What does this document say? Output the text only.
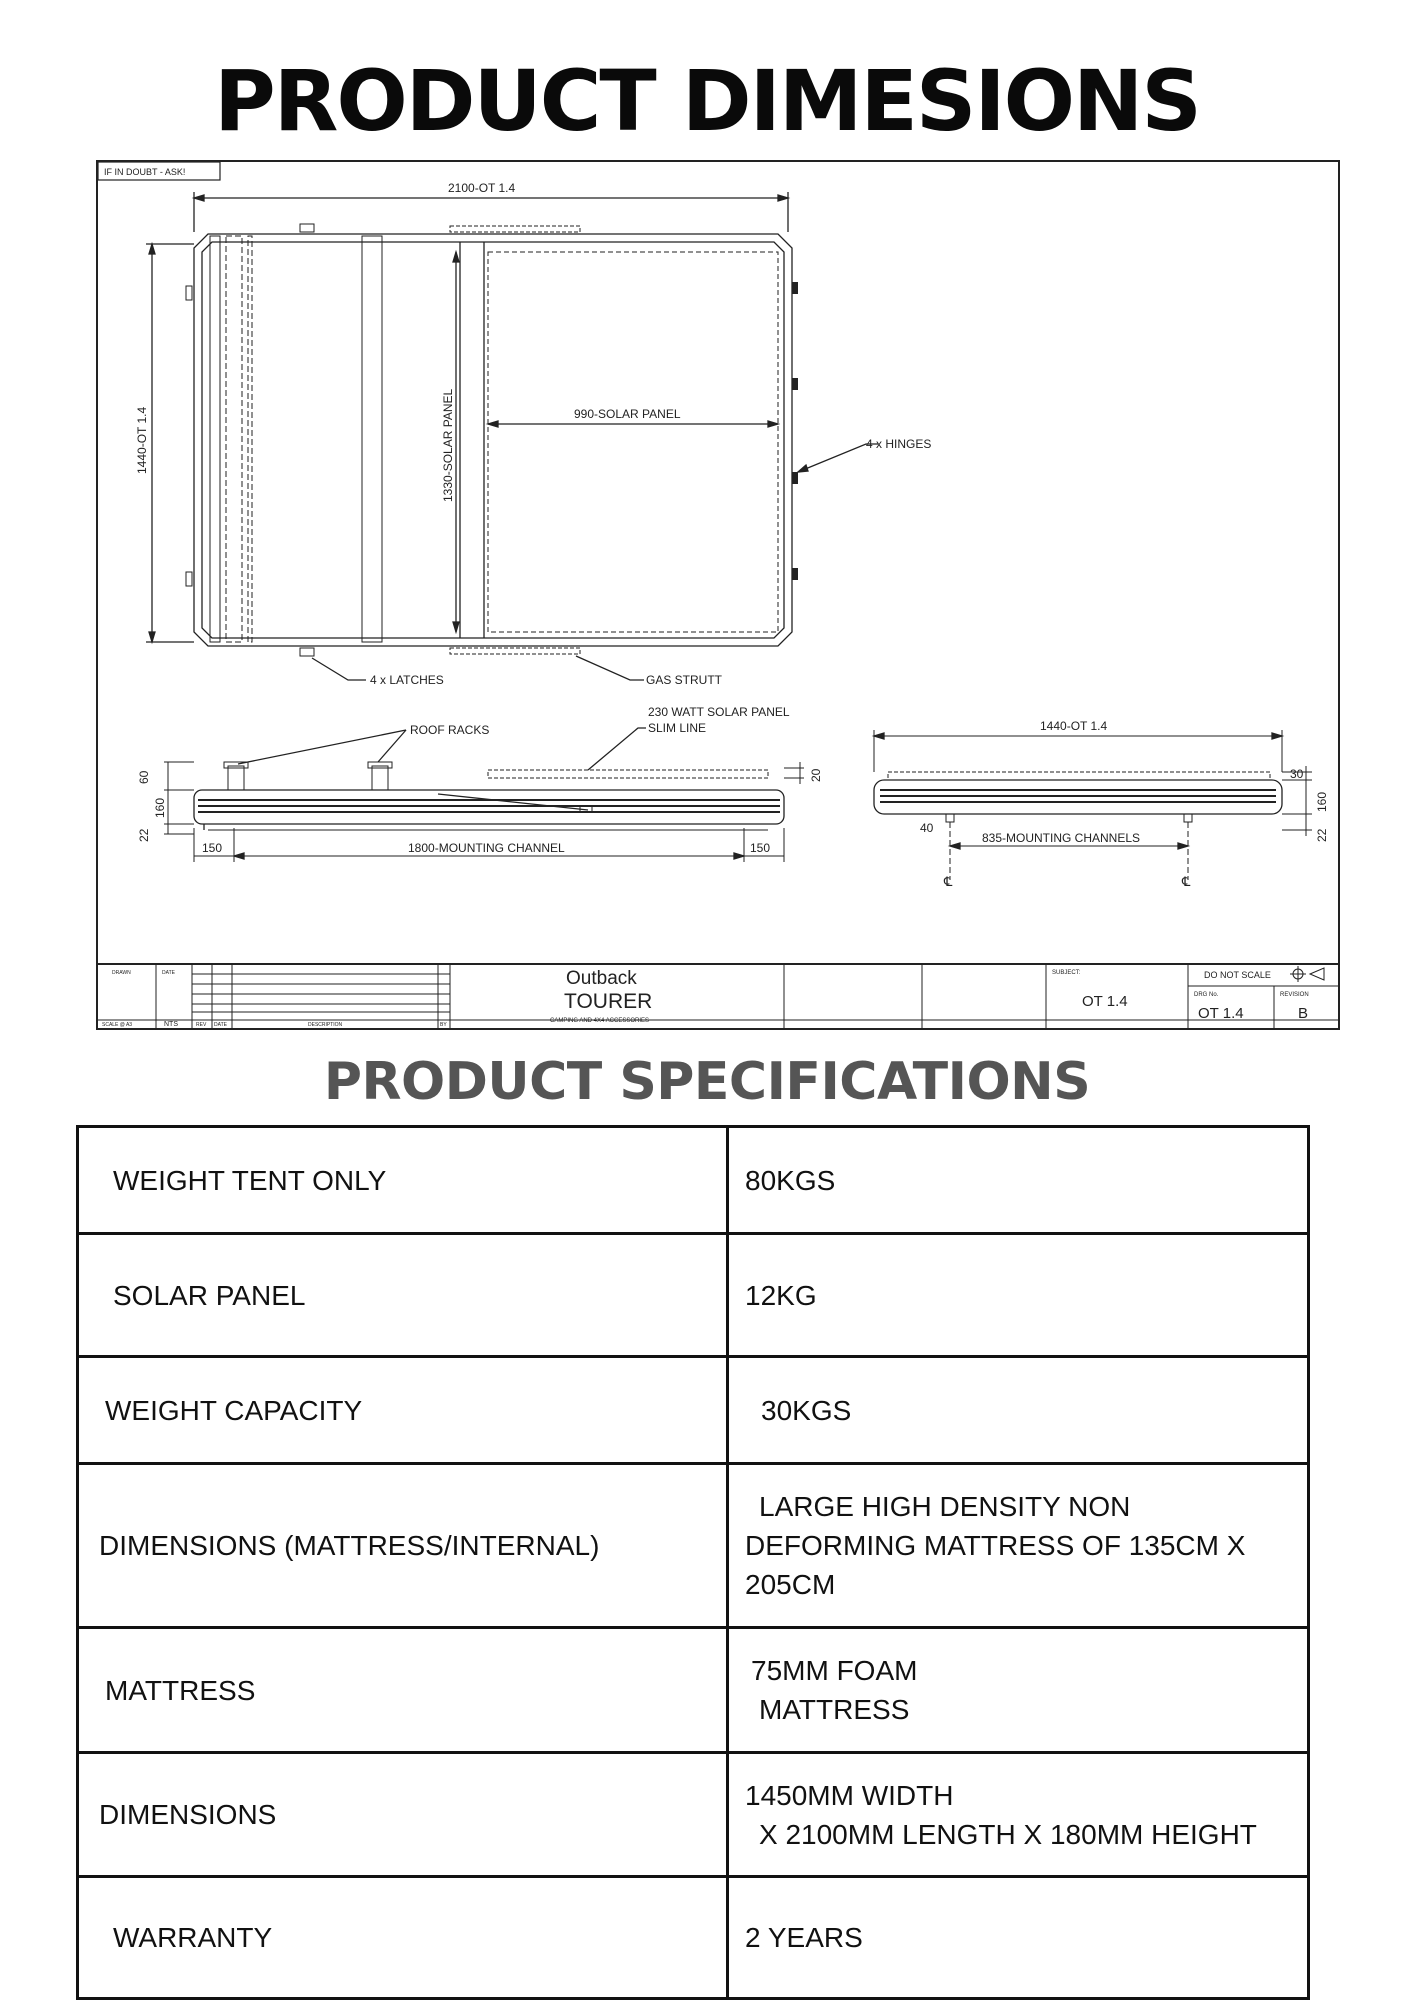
PRODUCT DIMESIONS
IF IN DOUBT - ASK!
2100-OT 1.4
1440-OT 1.4	1330-SOLAR PANEL	990-SOLAR PANEL
4 x HINGES
4 x LATCHES	GAS STRUTT
ROOF RACKS
230 WATT SOLAR PANEL
SLIM LINE
60
160
22
20
150	1800-MOUNTING CHANNEL	150
1440-OT 1.4
835-MOUNTING CHANNELS
40
℄	℄
30
160
22
DRAWN	DATE
SCALE @ A3	NTS	REV DATE	DESCRIPTION	BY
Outback
TOURER
CAMPING AND 4X4 ACCESSORIES
SUBJECT:
OT 1.4
DO NOT SCALE
DRG No.
OT 1.4
REVISION
B
PRODUCT SPECIFICATIONS
WEIGHT TENT ONLY	80KGS

SOLAR PANEL	12KG

WEIGHT CAPACITY	30KGS

DIMENSIONS (MATTRESS/INTERNAL)	LARGE HIGH DENSITY NON
DEFORMING MATTRESS OF 135CM X
205CM

MATTRESS	75MM FOAM
MATTRESS

DIMENSIONS	1450MM WIDTH
X 2100MM LENGTH X 180MM HEIGHT

WARRANTY	2 YEARS
